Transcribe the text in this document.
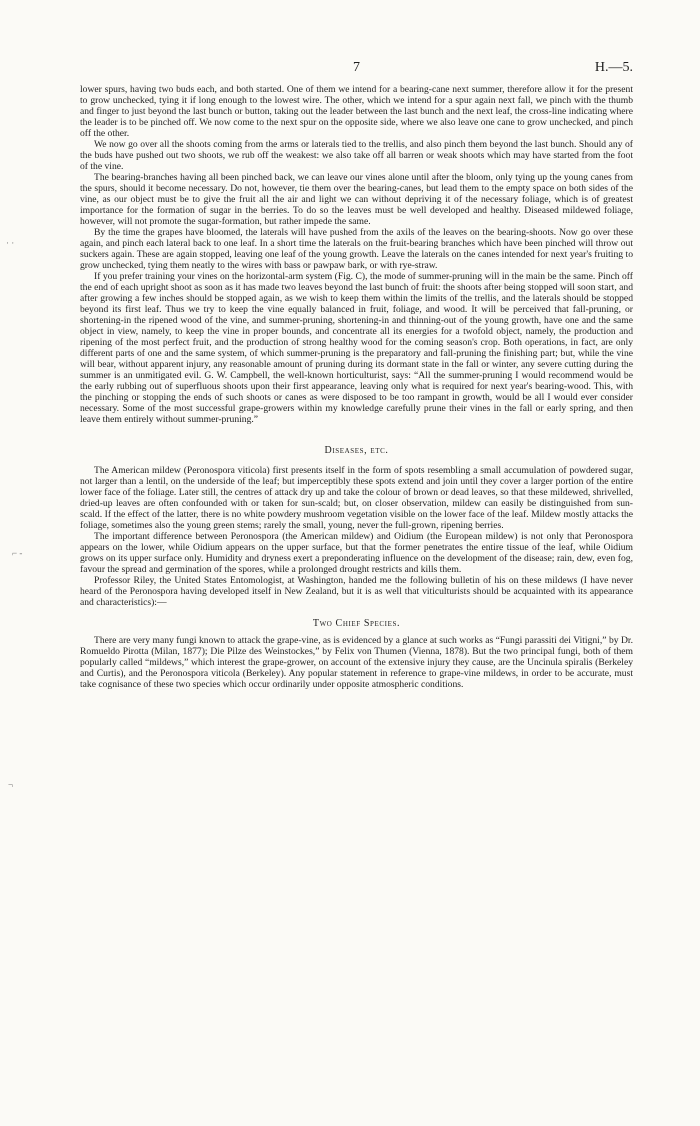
· ·
⌐ -
¬
7	H.—5.

lower spurs, having two buds each, and both started. One of them we intend for a bearing-cane next summer, therefore allow it for the present to grow unchecked, tying it if long enough to the lowest wire. The other, which we intend for a spur again next fall, we pinch with the thumb and finger to just beyond the last bunch or button, taking out the leader between the last bunch and the next leaf, the cross-line indicating where the leader is to be pinched off. We now come to the next spur on the opposite side, where we also leave one cane to grow unchecked, and pinch off the other.

We now go over all the shoots coming from the arms or laterals tied to the trellis, and also pinch them beyond the last bunch. Should any of the buds have pushed out two shoots, we rub off the weakest: we also take off all barren or weak shoots which may have started from the foot of the vine.

The bearing-branches having all been pinched back, we can leave our vines alone until after the bloom, only tying up the young canes from the spurs, should it become necessary. Do not, however, tie them over the bearing-canes, but lead them to the empty space on both sides of the vine, as our object must be to give the fruit all the air and light we can without depriving it of the necessary foliage, which is of greatest importance for the formation of sugar in the berries. To do so the leaves must be well developed and healthy. Diseased mildewed foliage, however, will not promote the sugar-formation, but rather impede the same.

By the time the grapes have bloomed, the laterals will have pushed from the axils of the leaves on the bearing-shoots. Now go over these again, and pinch each lateral back to one leaf. In a short time the laterals on the fruit-bearing branches which have been pinched will throw out suckers again. These are again stopped, leaving one leaf of the young growth. Leave the laterals on the canes intended for next year's fruiting to grow unchecked, tying them neatly to the wires with bass or pawpaw bark, or with rye-straw.

If you prefer training your vines on the horizontal-arm system (Fig. C), the mode of summer-pruning will in the main be the same. Pinch off the end of each upright shoot as soon as it has made two leaves beyond the last bunch of fruit: the shoots after being stopped will soon start, and after growing a few inches should be stopped again, as we wish to keep them within the limits of the trellis, and the laterals should be stopped beyond its first leaf. Thus we try to keep the vine equally balanced in fruit, foliage, and wood. It will be perceived that fall-pruning, or shortening-in the ripened wood of the vine, and summer-pruning, shortening-in and thinning-out of the young growth, have one and the same object in view, namely, to keep the vine in proper bounds, and concentrate all its energies for a twofold object, namely, the production and ripening of the most perfect fruit, and the production of strong healthy wood for the coming season's crop. Both operations, in fact, are only different parts of one and the same system, of which summer-pruning is the preparatory and fall-pruning the finishing part; but, while the vine will bear, without apparent injury, any reasonable amount of pruning during its dormant state in the fall or winter, any severe cutting during the summer is an unmitigated evil. G. W. Campbell, the well-known horticulturist, says: “All the summer-pruning I would recommend would be the early rubbing out of superfluous shoots upon their first appearance, leaving only what is required for next year's bearing-wood. This, with the pinching or stopping the ends of such shoots or canes as were disposed to be too rampant in growth, would be all I would ever consider necessary. Some of the most successful grape-growers within my knowledge carefully prune their vines in the fall or early spring, and then leave them entirely without summer-pruning.”

Diseases, etc.

The American mildew (Peronospora viticola) first presents itself in the form of spots resembling a small accumulation of powdered sugar, not larger than a lentil, on the underside of the leaf; but imperceptibly these spots extend and join until they cover a larger portion of the entire lower face of the foliage. Later still, the centres of attack dry up and take the colour of brown or dead leaves, so that these mildewed, shrivelled, dried-up leaves are often confounded with or taken for sun-scald; but, on closer observation, mildew can easily be distinguished from sun-scald. If the effect of the latter, there is no white powdery mushroom vegetation visible on the lower face of the leaf. Mildew mostly attacks the foliage, sometimes also the young green stems; rarely the small, young, never the full-grown, ripening berries.

The important difference between Peronospora (the American mildew) and Oidium (the European mildew) is not only that Peronospora appears on the lower, while Oidium appears on the upper surface, but that the former penetrates the entire tissue of the leaf, while Oidium grows on its upper surface only. Humidity and dryness exert a preponderating influence on the development of the disease; rain, dew, even fog, favour the spread and germination of the spores, while a prolonged drought restricts and kills them.

Professor Riley, the United States Entomologist, at Washington, handed me the following bulletin of his on these mildews (I have never heard of the Peronospora having developed itself in New Zealand, but it is as well that viticulturists should be acquainted with its appearance and characteristics):—

Two Chief Species.

There are very many fungi known to attack the grape-vine, as is evidenced by a glance at such works as “Fungi parassiti dei Vitigni,” by Dr. Romueldo Pirotta (Milan, 1877); Die Pilze des Weinstockes,” by Felix von Thumen (Vienna, 1878). But the two principal fungi, both of them popularly called “mildews,” which interest the grape-grower, on account of the extensive injury they cause, are the Uncinula spiralis (Berkeley and Curtis), and the Peronospora viticola (Berkeley). Any popular statement in reference to grape-vine mildews, in order to be accurate, must take cognisance of these two species which occur ordinarily under opposite atmospheric conditions.
